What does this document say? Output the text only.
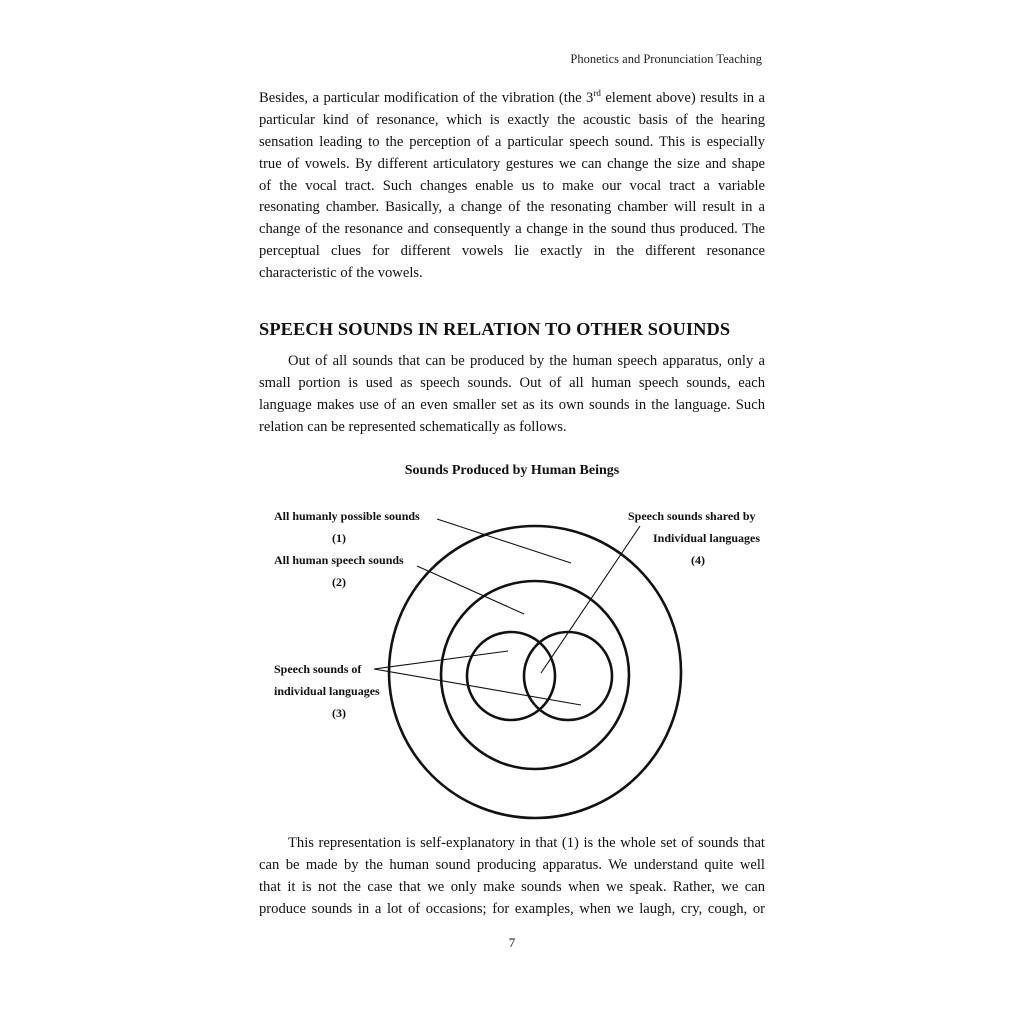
Phonetics and Pronunciation Teaching
Besides, a particular modification of the vibration (the 3rd element above) results in a
particular kind of resonance, which is exactly the acoustic basis of the hearing
sensation leading to the perception of a particular speech sound. This is especially
true of vowels. By different articulatory gestures we can change the size and shape
of the vocal tract. Such changes enable us to make our vocal tract a variable
resonating chamber. Basically, a change of the resonating chamber will result in a
change of the resonance and consequently a change in the sound thus produced. The
perceptual clues for different vowels lie exactly in the different resonance
characteristic of the vowels.
SPEECH SOUNDS IN RELATION TO OTHER SOUINDS
Out of all sounds that can be produced by the human speech apparatus, only a
small portion is used as speech sounds. Out of all human speech sounds, each
language makes use of an even smaller set as its own sounds in the language. Such
relation can be represented schematically as follows.
Sounds Produced by Human Beings
All humanly possible sounds
(1)
All human speech sounds
(2)
Speech sounds of
individual languages
(3)
Speech sounds shared by
Individual languages
(4)
This representation is self-explanatory in that (1) is the whole set of sounds that
can be made by the human sound producing apparatus. We understand quite well
that it is not the case that we only make sounds when we speak. Rather, we can
produce sounds in a lot of occasions; for examples, when we laugh, cry, cough, or
7
